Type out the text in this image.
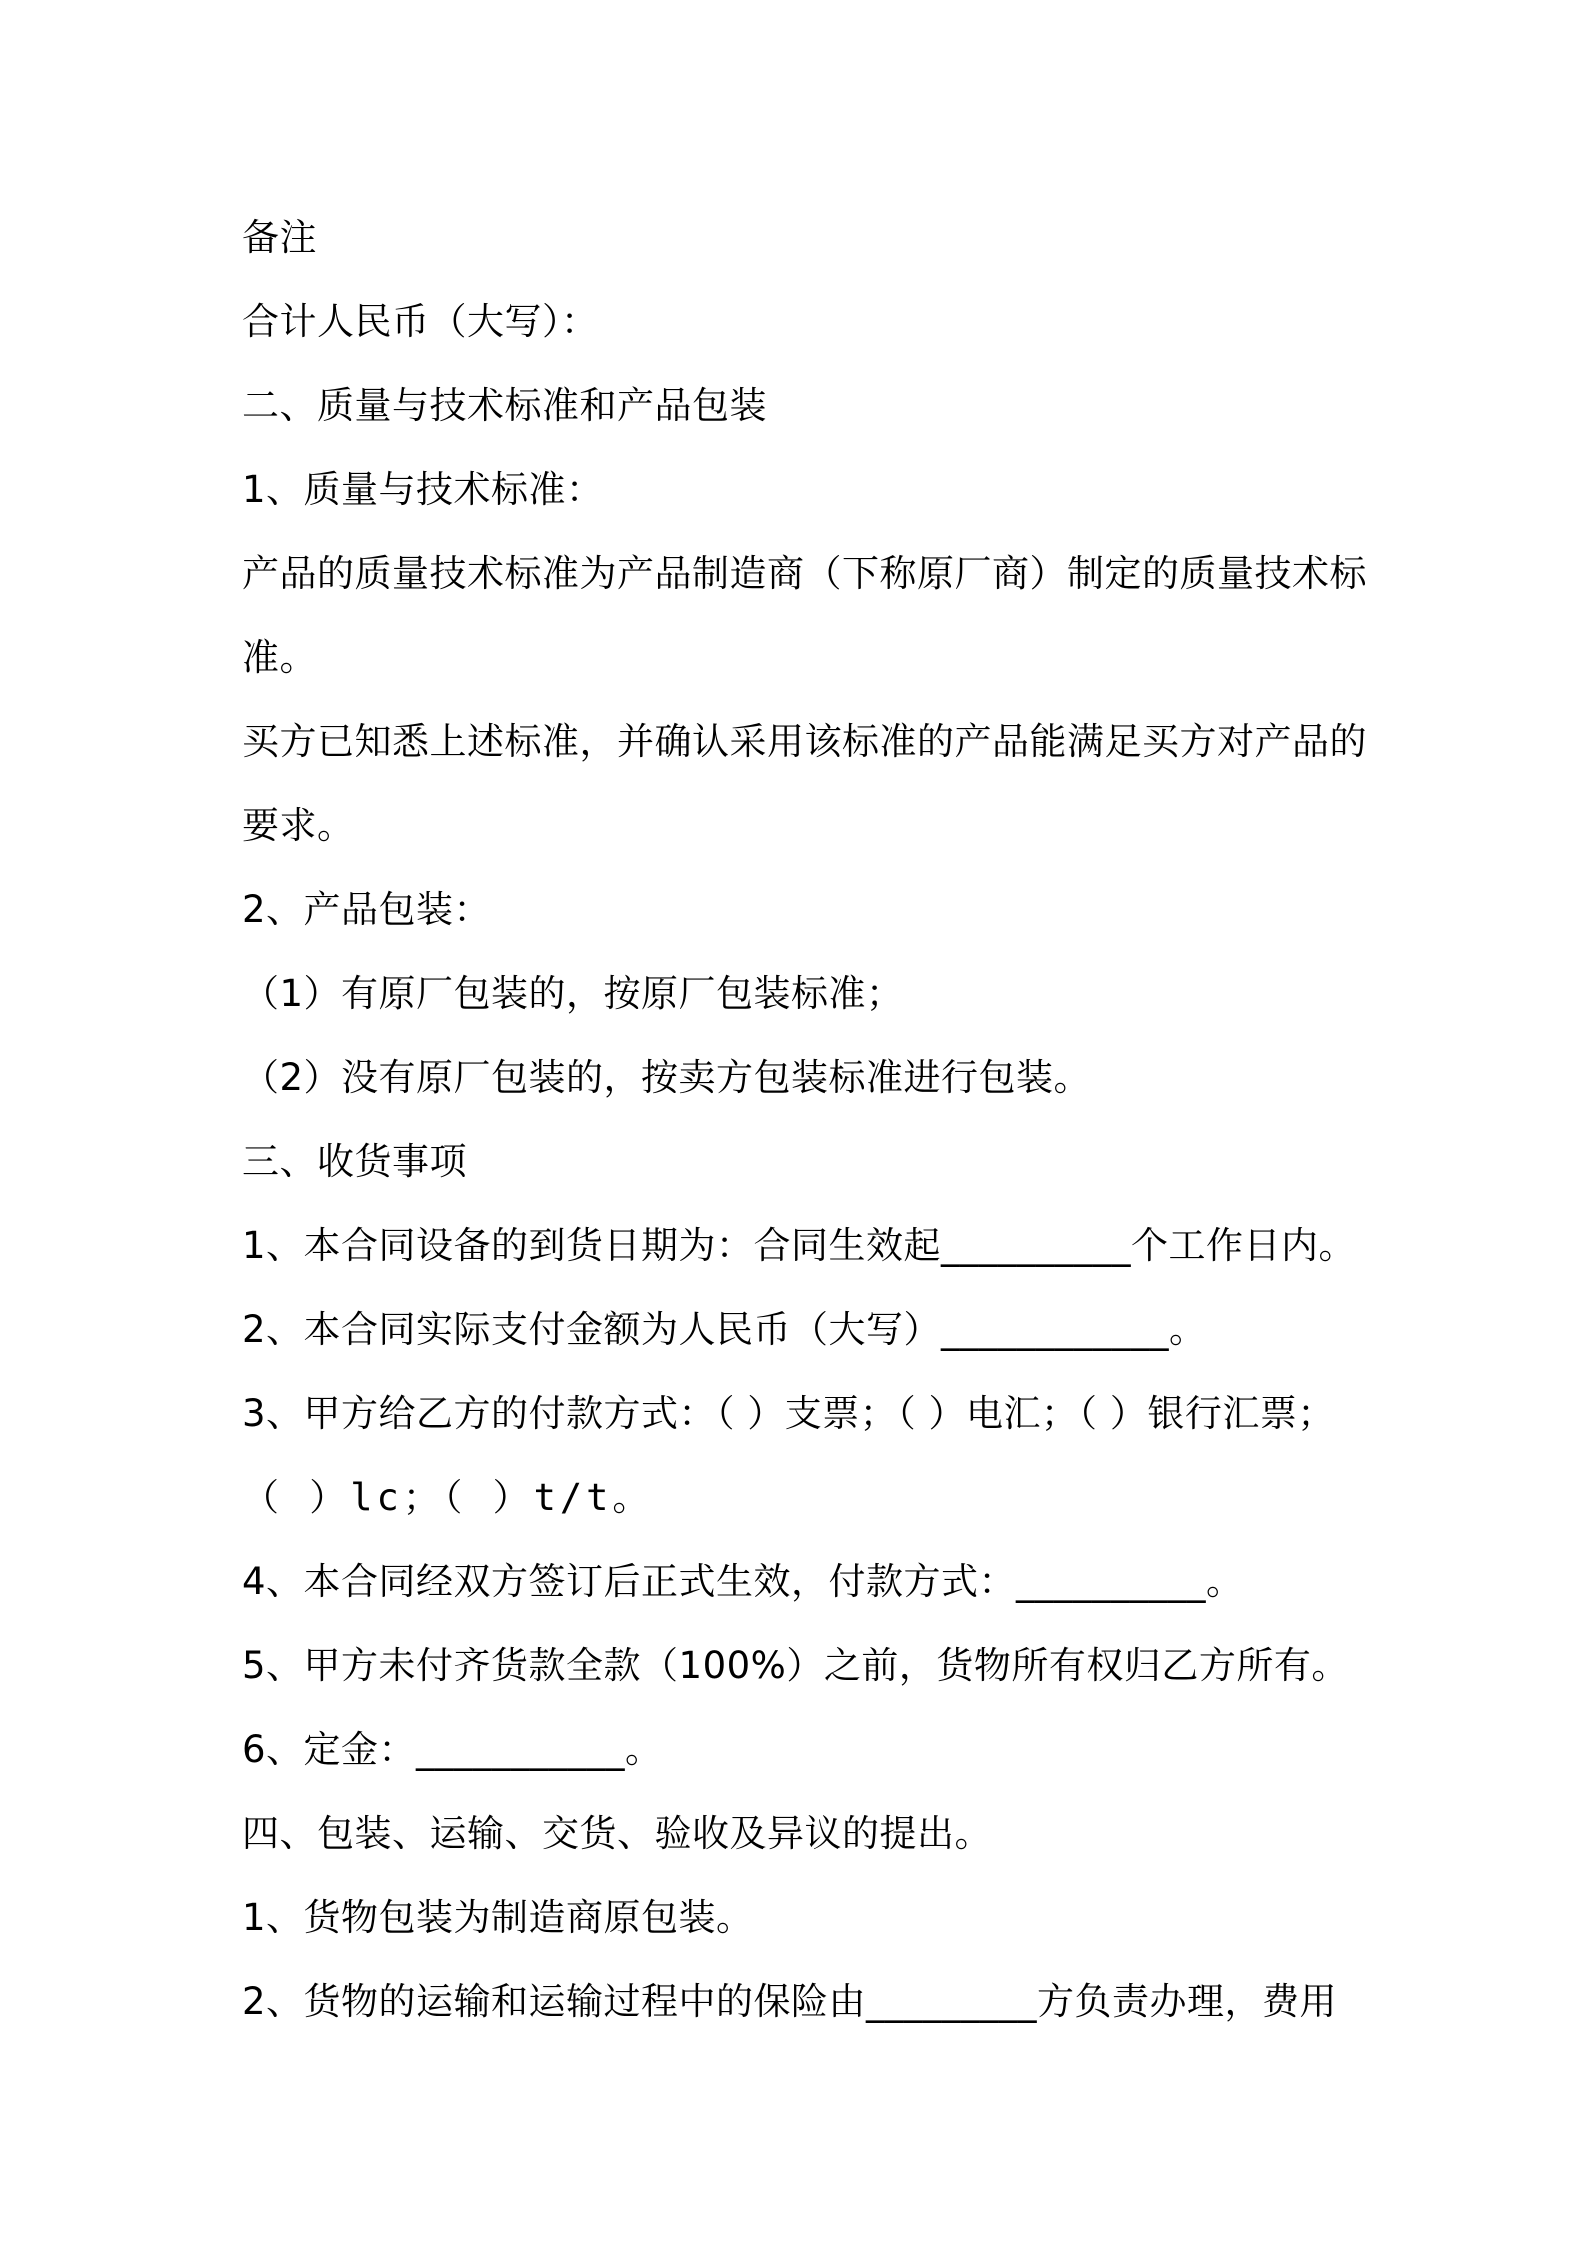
备注
合计人民币（大写）：
二、质量与技术标准和产品包装
1、质量与技术标准：
产品的质量技术标准为产品制造商（下称原厂商）制定的质量技术标
准。
买方已知悉上述标准，并确认采用该标准的产品能满足买方对产品的
要求。
2、产品包装：
（1）有原厂包装的，按原厂包装标准；
（2）没有原厂包装的，按卖方包装标准进行包装。
三、收货事项
1、本合同设备的到货日期为：合同生效起__________个工作日内。
2、本合同实际支付金额为人民币（大写）____________。
3、甲方给乙方的付款方式：（ ）支票；（ ）电汇；（ ）银行汇票；
（ ）lc；（ ）t/t。
4、本合同经双方签订后正式生效，付款方式：__________。
5、甲方未付齐货款全款（100%）之前，货物所有权归乙方所有。
6、定金：___________。
四、包装、运输、交货、验收及异议的提出。
1、货物包装为制造商原包装。
2、货物的运输和运输过程中的保险由_________方负责办理，费用
